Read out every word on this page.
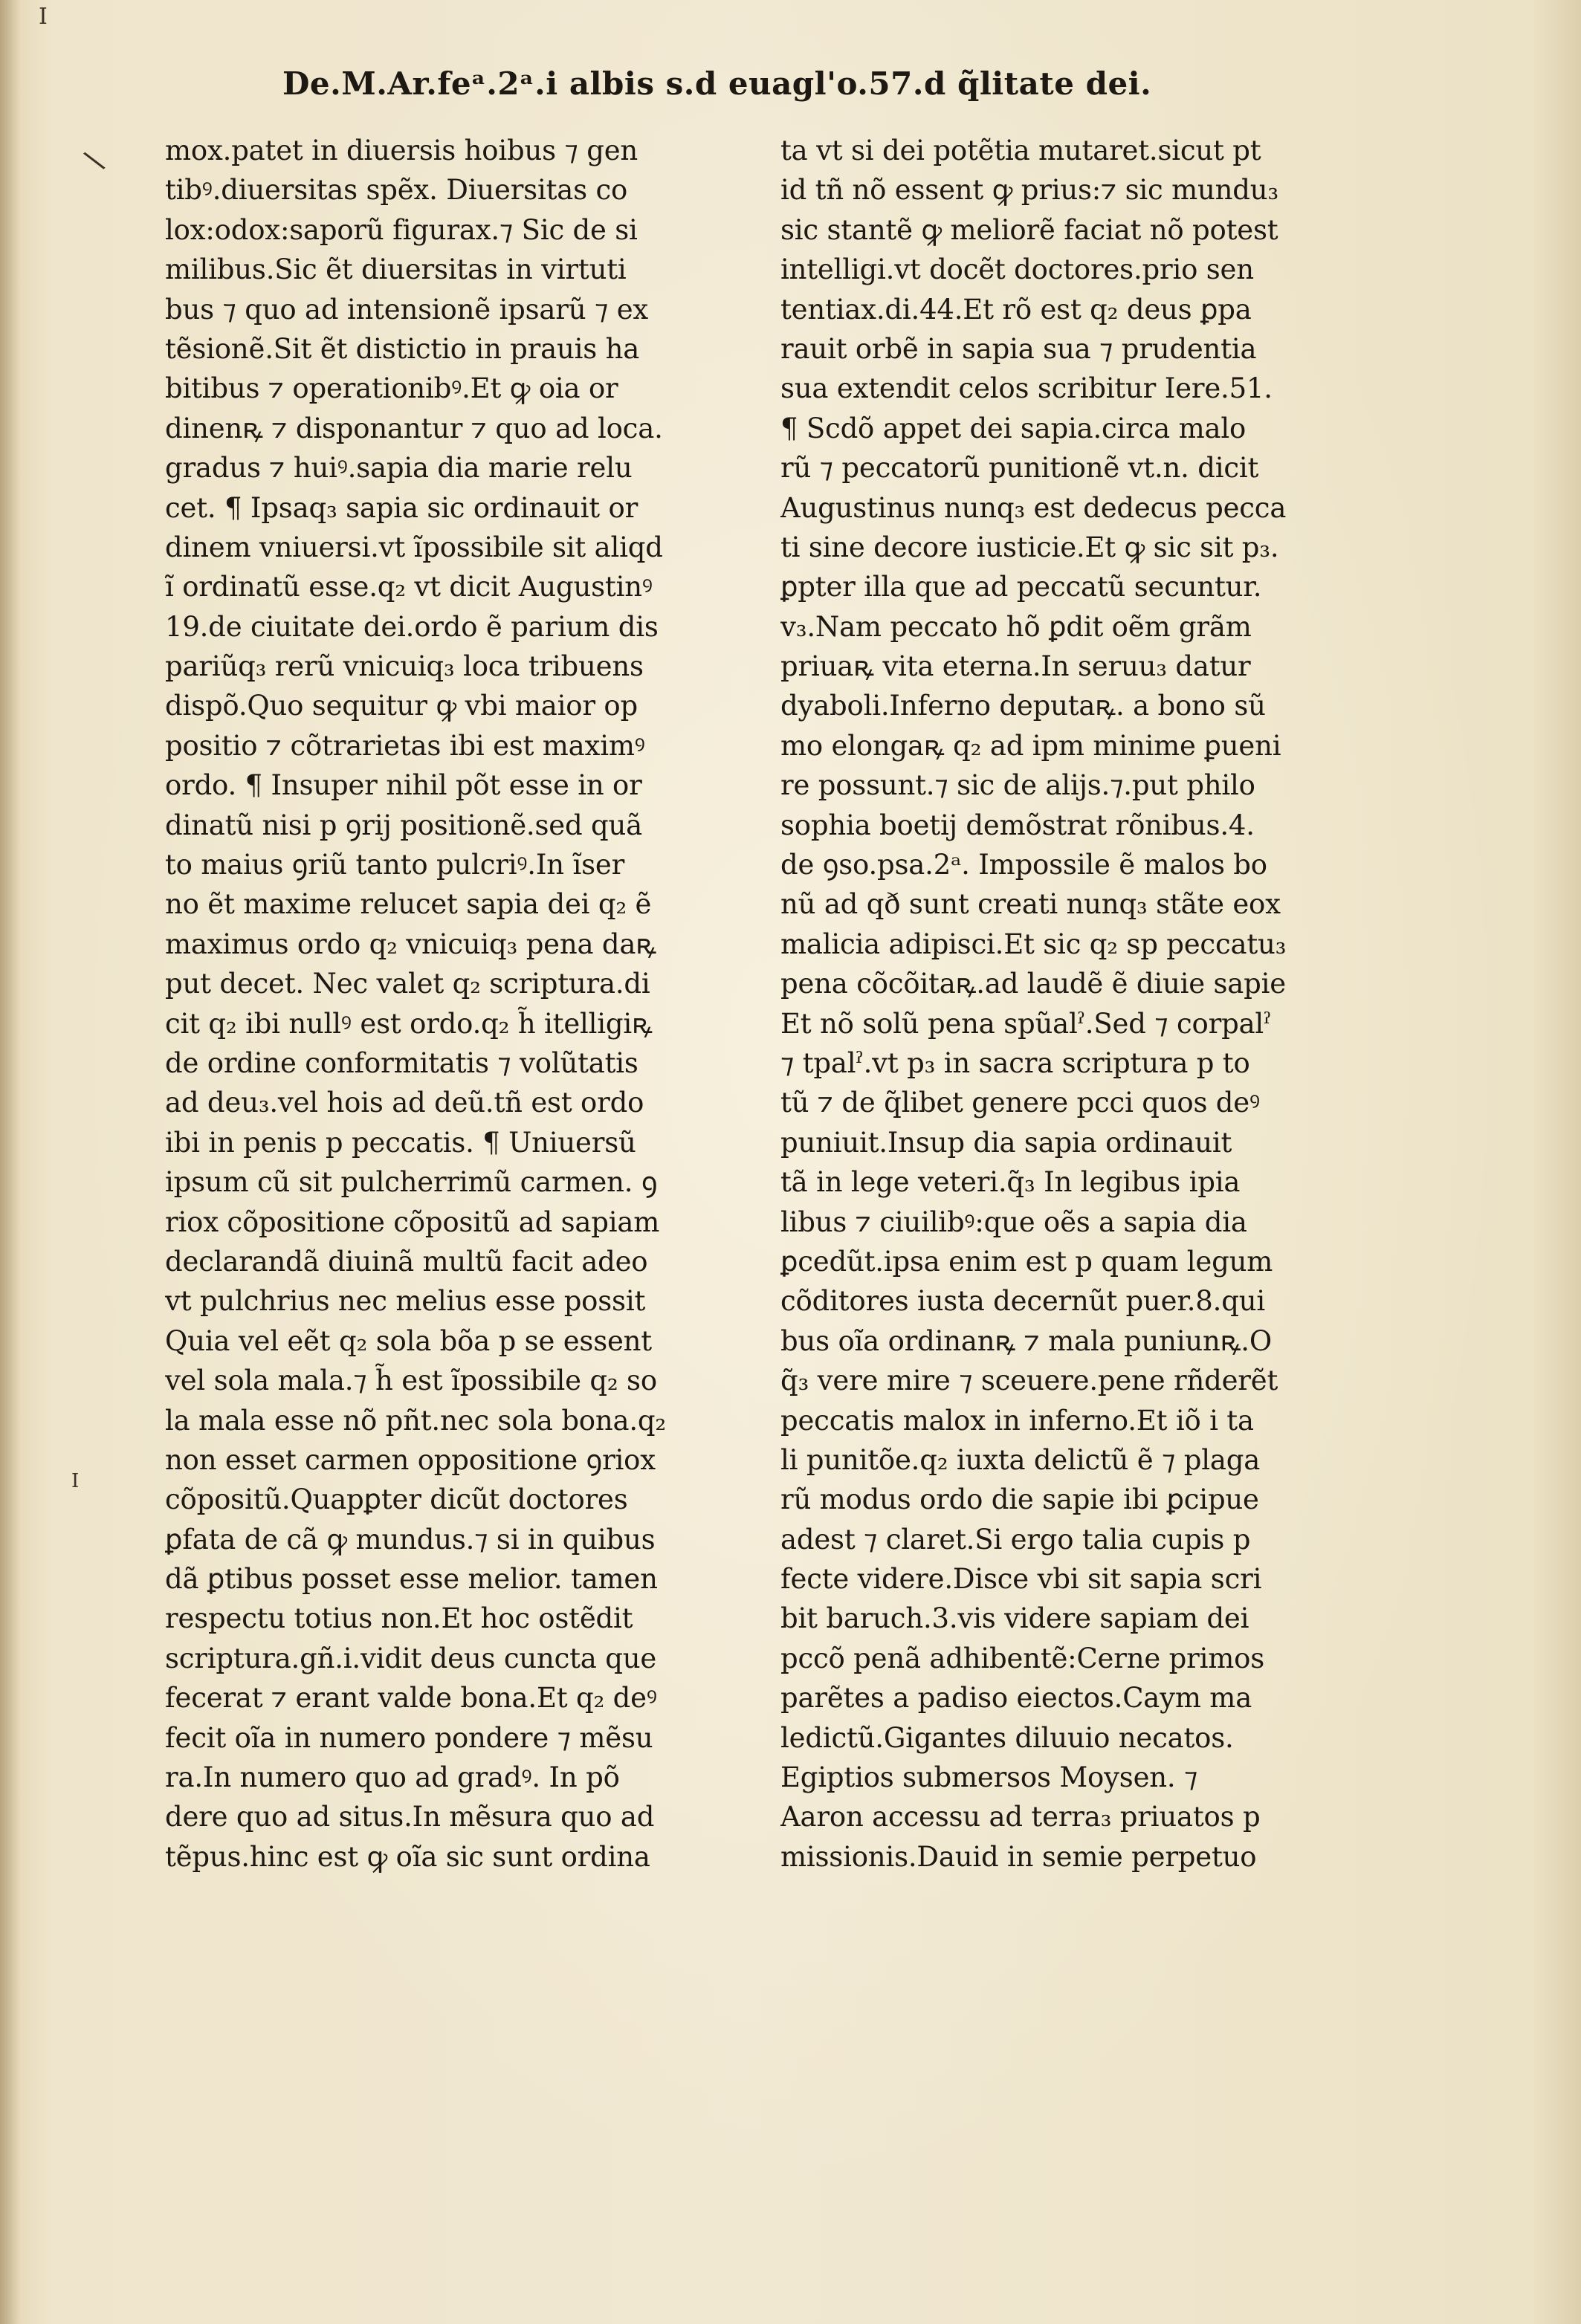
\
I
I
De.M.Ar.feᵃ.2ᵃ.i albis s.d euagl'o.57.d q̃litate dei.
mox.patet in diuersis hoibus ⁊ gen
tibꝰ.diuersitas spẽx. Diuersitas co
lox:odox:saporũ figurax.⁊ Sic de si
milibus.Sic ẽt diuersitas in virtuti
bus ⁊ quo ad intensionẽ ipsarũ ⁊ ex
tẽsionẽ.Sit ẽt distictio in prauis ha
bitibus ⁊ operationibꝰ.Et ꝙ oia or
dinenꝶ ⁊ disponantur ⁊ quo ad loca.
gradus ⁊ huiꝰ.sapia dia marie relu
cet. ¶ Ipsaq₃ sapia sic ordinauit or
dinem vniuersi.vt ĩpossibile sit aliqd
ĩ ordinatũ esse.q₂ vt dicit Augustinꝰ
19.de ciuitate dei.ordo ẽ parium dis
pariũq₃ rerũ vnicuiq₃ loca tribuens
dispõ.Quo sequitur ꝙ vbi maior op
positio ⁊ cõtrarietas ibi est maximꝰ
ordo. ¶ Insuper nihil põt esse in or
dinatũ nisi p ꝯrij positionẽ.sed quã
to maius ꝯriũ tanto pulcriꝰ.In ĩser
no ẽt maxime relucet sapia dei q₂ ẽ
maximus ordo q₂ vnicuiq₃ pena daꝶ
put decet. Nec valet q₂ scriptura.di
cit q₂ ibi nullꝰ est ordo.q₂ h̃ itelligiꝶ
de ordine conformitatis ⁊ volũtatis
ad deu₃.vel hois ad deũ.tñ est ordo
ibi in penis p peccatis. ¶ Uniuersũ
ipsum cũ sit pulcherrimũ carmen. ꝯ
riox cõpositione cõpositũ ad sapiam
declarandã diuinã multũ facit adeo
vt pulchrius nec melius esse possit
Quia vel eẽt q₂ sola bõa p se essent
vel sola mala.⁊ h̃ est ĩpossibile q₂ so
la mala esse nõ pñt.nec sola bona.q₂
non esset carmen oppositione ꝯriox
cõpositũ.Quapꝑter dicũt doctores
ꝑfata de cã ꝙ mundus.⁊ si in quibus
dã ꝑtibus posset esse melior. tamen
respectu totius non.Et hoc ostẽdit
scriptura.gñ.i.vidit deus cuncta que
fecerat ⁊ erant valde bona.Et q₂ deꝰ
fecit oĩa in numero pondere ⁊ mẽsu
ra.In numero quo ad gradꝰ. In põ
dere quo ad situs.In mẽsura quo ad
tẽpus.hinc est ꝙ oĩa sic sunt ordina
ta vt si dei potẽtia mutaret.sicut pt
id tñ nõ essent ꝙ prius:⁊ sic mundu₃
sic stantẽ ꝙ meliorẽ faciat nõ potest
intelligi.vt docẽt doctores.prio sen
tentiax.di.44.Et rõ est q₂ deus ꝑpa
rauit orbẽ in sapia sua ⁊ prudentia
sua extendit celos scribitur Iere.51.
¶ Scdõ appet dei sapia.circa malo
rũ ⁊ peccatorũ punitionẽ vt.n. dicit
Augustinus nunq₃ est dedecus pecca
ti sine decore iusticie.Et ꝙ sic sit p₃.
ꝑpter illa que ad peccatũ secuntur.
v₃.Nam peccato hõ ꝑdit oẽm grãm
priuaꝶ vita eterna.In seruu₃ datur
dyaboli.Inferno deputaꝶ. a bono sũ
mo elongaꝶ q₂ ad ipm minime ꝑueni
re possunt.⁊ sic de alijs.⁊.put philo
sophia boetij demõstrat rõnibus.4.
de ꝯso.psa.2ᵃ. Impossile ẽ malos bo
nũ ad qð sunt creati nunq₃ stãte eox
malicia adipisci.Et sic q₂ sp peccatu₃
pena cõcõitaꝶ.ad laudẽ ẽ diuie sapie
Et nõ solũ pena spũalˀ.Sed ⁊ corpalˀ
⁊ tpalˀ.vt p₃ in sacra scriptura p to
tũ ⁊ de q̃libet genere pcci quos deꝰ
puniuit.Insup dia sapia ordinauit
tã in lege veteri.q̃₃ In legibus ipia
libus ⁊ ciuilibꝰ:que oẽs a sapia dia
ꝑcedũt.ipsa enim est p quam legum
cõditores iusta decernũt puer.8.qui
bus oĩa ordinanꝶ ⁊ mala puniunꝶ.O
q̃₃ vere mire ⁊ sceuere.pene rñderẽt
peccatis malox in inferno.Et iõ i ta
li punitõe.q₂ iuxta delictũ ẽ ⁊ plaga
rũ modus ordo die sapie ibi ꝑcipue
adest ⁊ claret.Si ergo talia cupis p
fecte videre.Disce vbi sit sapia scri
bit baruch.3.vis videre sapiam dei
pccõ penã adhibentẽ:Cerne primos
parẽtes a padiso eiectos.Caym ma
ledictũ.Gigantes diluuio necatos.
Egiptios submersos Moysen. ⁊
Aaron accessu ad terra₃ priuatos p
missionis.Dauid in semie perpetuo
